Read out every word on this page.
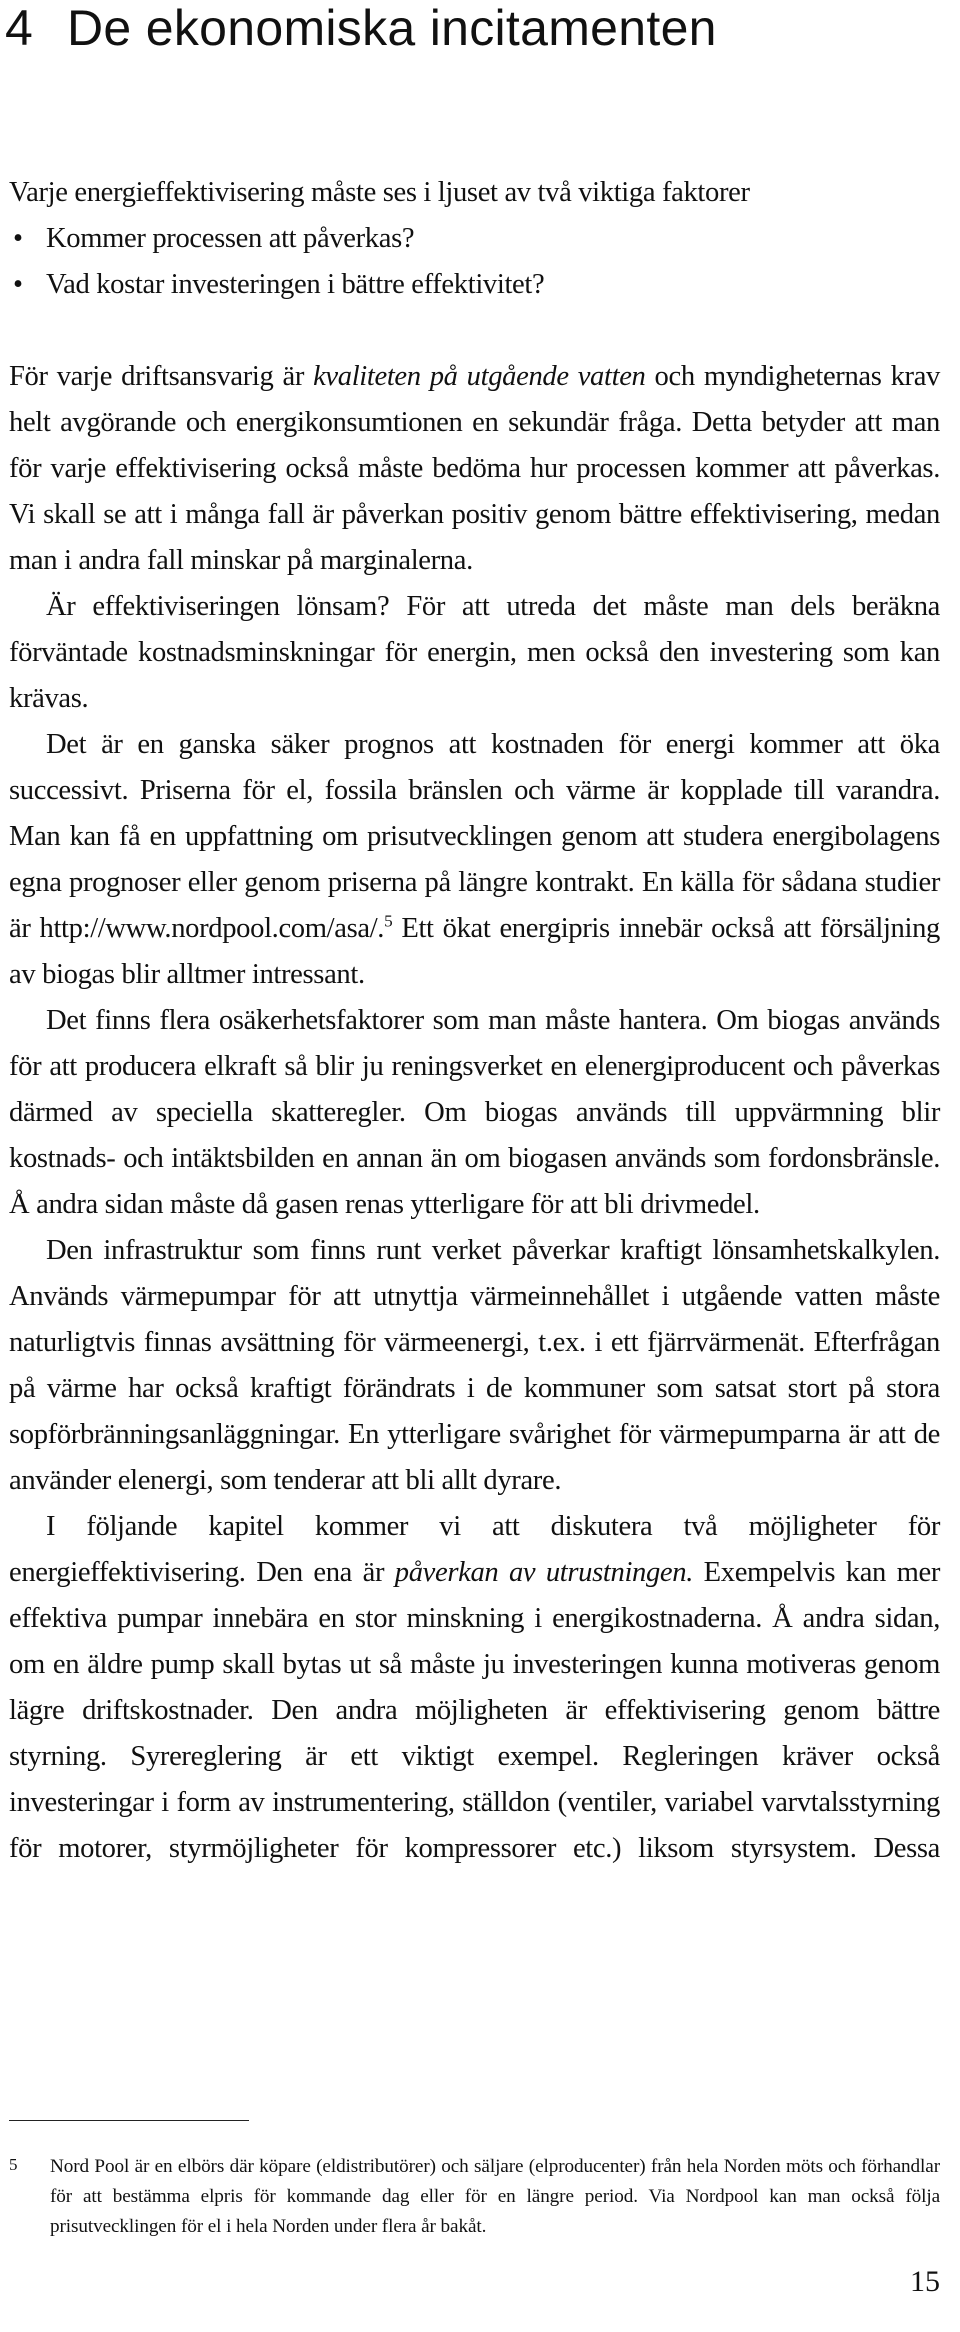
4 De ekonomiska incitamenten

Varje energieffektivisering måste ses i ljuset av två viktiga faktorer

• Kommer processen att påverkas?
• Vad kostar investeringen i bättre effektivitet?

För varje driftsansvarig är kvaliteten på utgående vatten och myndigheternas krav helt avgörande och energikonsumtionen en sekundär fråga. Detta betyder att man för varje effektivisering också måste bedöma hur processen kommer att påverkas. Vi skall se att i många fall är påverkan positiv genom bättre effektivisering, medan man i andra fall minskar på marginalerna.

Är effektiviseringen lönsam? För att utreda det måste man dels beräkna förväntade kostnadsminskningar för energin, men också den investering som kan krävas.

Det är en ganska säker prognos att kostnaden för energi kommer att öka successivt. Priserna för el, fossila bränslen och värme är kopplade till varandra. Man kan få en uppfattning om prisutvecklingen genom att studera energibolagens egna prognoser eller genom priserna på längre kontrakt. En källa för sådana studier är http://www.nordpool.com/asa/.$^5$ Ett ökat energipris innebär också att försäljning av biogas blir alltmer intressant.

Det finns flera osäkerhetsfaktorer som man måste hantera. Om biogas används för att producera elkraft så blir ju reningsverket en elenergiproducent och påverkas därmed av speciella skatteregler. Om biogas används till uppvärmning blir kostnads- och intäktsbilden en annan än om biogasen används som fordonsbränsle. Å andra sidan måste då gasen renas ytterligare för att bli drivmedel.

Den infrastruktur som finns runt verket påverkar kraftigt lönsamhetskalkylen. Används värmepumpar för att utnyttja värmeinnehållet i utgående vatten måste naturligtvis finnas avsättning för värmeenergi, t.ex. i ett fjärrvärmenät. Efterfrågan på värme har också kraftigt förändrats i de kommuner som satsat stort på stora sopförbränningsanläggningar. En ytterligare svårighet för värmepumparna är att de använder elenergi, som tenderar att bli allt dyrare.

I följande kapitel kommer vi att diskutera två möjligheter för energieffektivisering. Den ena är påverkan av utrustningen. Exempelvis kan mer effektiva pumpar innebära en stor minskning i energikostnaderna. Å andra sidan, om en äldre pump skall bytas ut så måste ju investeringen kunna motiveras genom lägre driftskostnader. Den andra möjligheten är effektivisering genom bättre styrning. Syrereglering är ett viktigt exempel. Regleringen kräver också investeringar i form av instrumentering, ställdon (ventiler, variabel varvtalsstyrning för motorer, styrmöjligheter för kompressorer etc.) liksom styrsystem. Dessa

5 Nord Pool är en elbörs där köpare (eldistributörer) och säljare (elproducenter) från hela Norden möts och förhandlar för att bestämma elpris för kommande dag eller för en längre period. Via Nordpool kan man också följa prisutvecklingen för el i hela Norden under flera år bakåt.
15
